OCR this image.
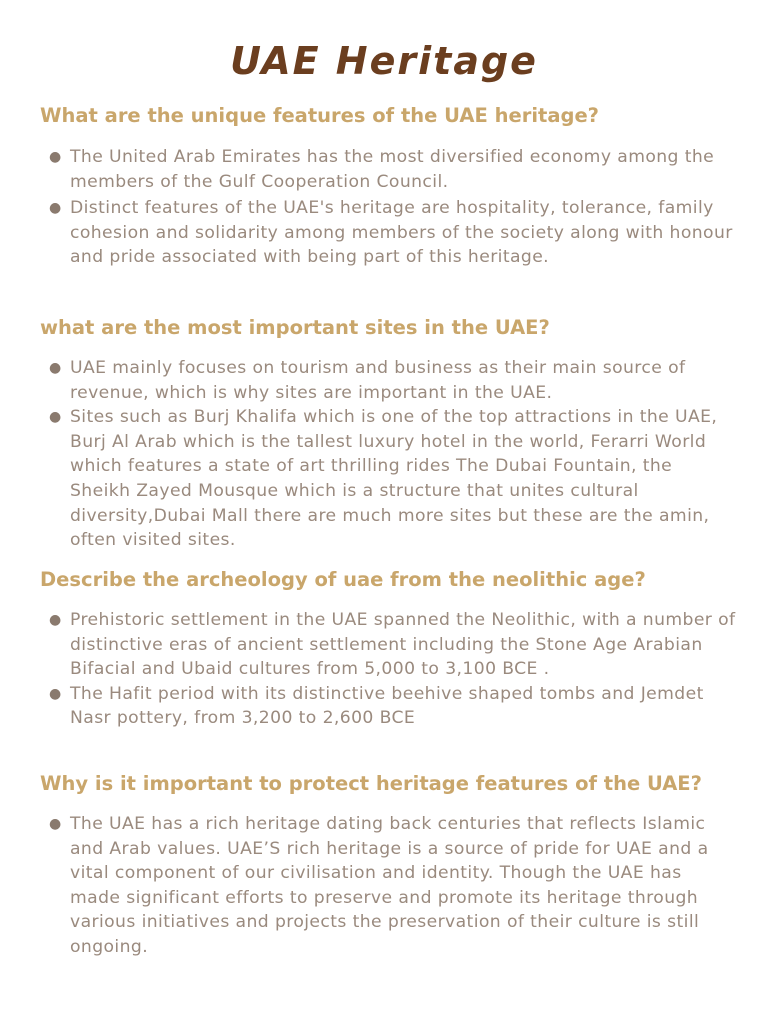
UAE Heritage
What are the unique features of the UAE heritage?
● The United Arab Emirates has the most diversified economy among the members of the Gulf Cooperation Council.
● Distinct features of the UAE's heritage are hospitality, tolerance, family cohesion and solidarity among members of the society along with honour and pride associated with being part of this heritage.
what are the most important sites in the UAE?
● UAE mainly focuses on tourism and business as their main source of revenue, which is why sites are important in the UAE.
● Sites such as Burj Khalifa which is one of the top attractions in the UAE, Burj Al Arab which is the tallest luxury hotel in the world, Ferarri World which features a state of art thrilling rides The Dubai Fountain, the Sheikh Zayed Mousque which is a structure that unites cultural diversity,Dubai Mall there are much more sites but these are the amin, often visited sites.
Describe the archeology of uae from the neolithic age?
● Prehistoric settlement in the UAE spanned the Neolithic, with a number of distinctive eras of ancient settlement including the Stone Age Arabian Bifacial and Ubaid cultures from 5,000 to 3,100 BCE .
● The Hafit period with its distinctive beehive shaped tombs and Jemdet Nasr pottery, from 3,200 to 2,600 BCE
Why is it important to protect heritage features of the UAE?
● The UAE has a rich heritage dating back centuries that reflects Islamic and Arab values. UAE’S rich heritage is a source of pride for UAE and a vital component of our civilisation and identity. Though the UAE has made significant efforts to preserve and promote its heritage through various initiatives and projects the preservation of their culture is still ongoing.
